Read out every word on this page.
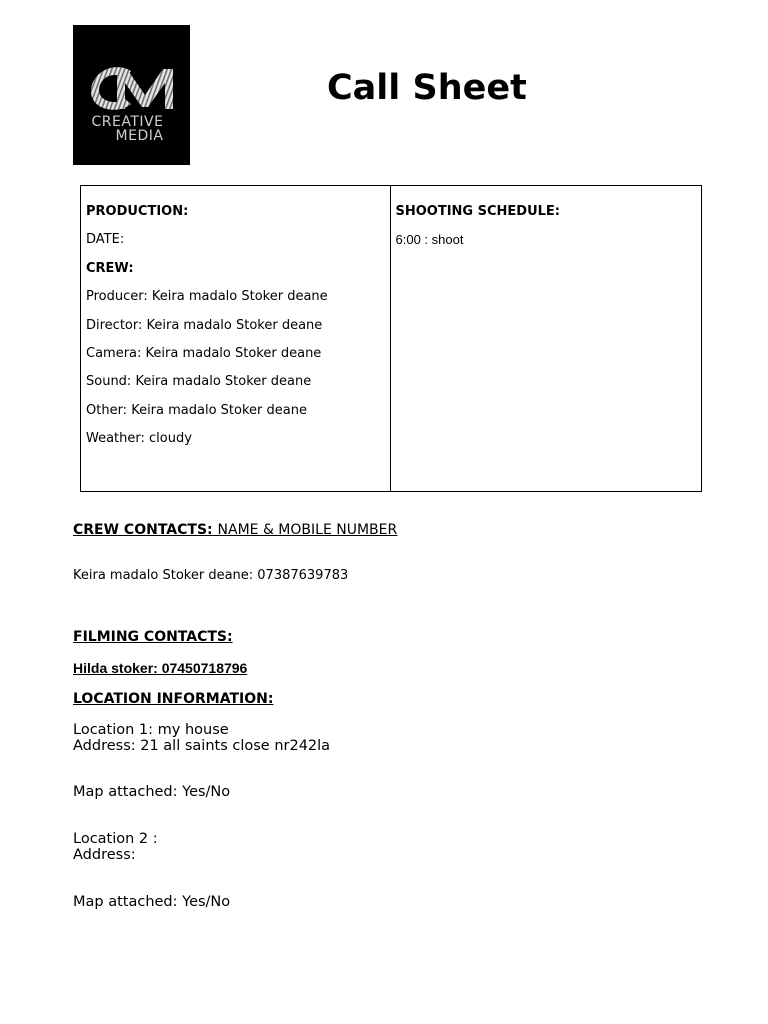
CREATIVE
MEDIA
Call Sheet
PRODUCTION:
DATE:
CREW:
Producer: Keira madalo Stoker deane
Director: Keira madalo Stoker deane
Camera: Keira madalo Stoker deane
Sound: Keira madalo Stoker deane
Other: Keira madalo Stoker deane
Weather: cloudy
SHOOTING SCHEDULE:
6:00 : shoot
CREW CONTACTS: NAME & MOBILE NUMBER
Keira madalo Stoker deane: 07387639783
FILMING CONTACTS:
Hilda stoker: 07450718796
LOCATION INFORMATION:
Location 1: my house
Address: 21 all saints close nr242la
Map attached: Yes/No
Location 2 :
Address:
Map attached: Yes/No
